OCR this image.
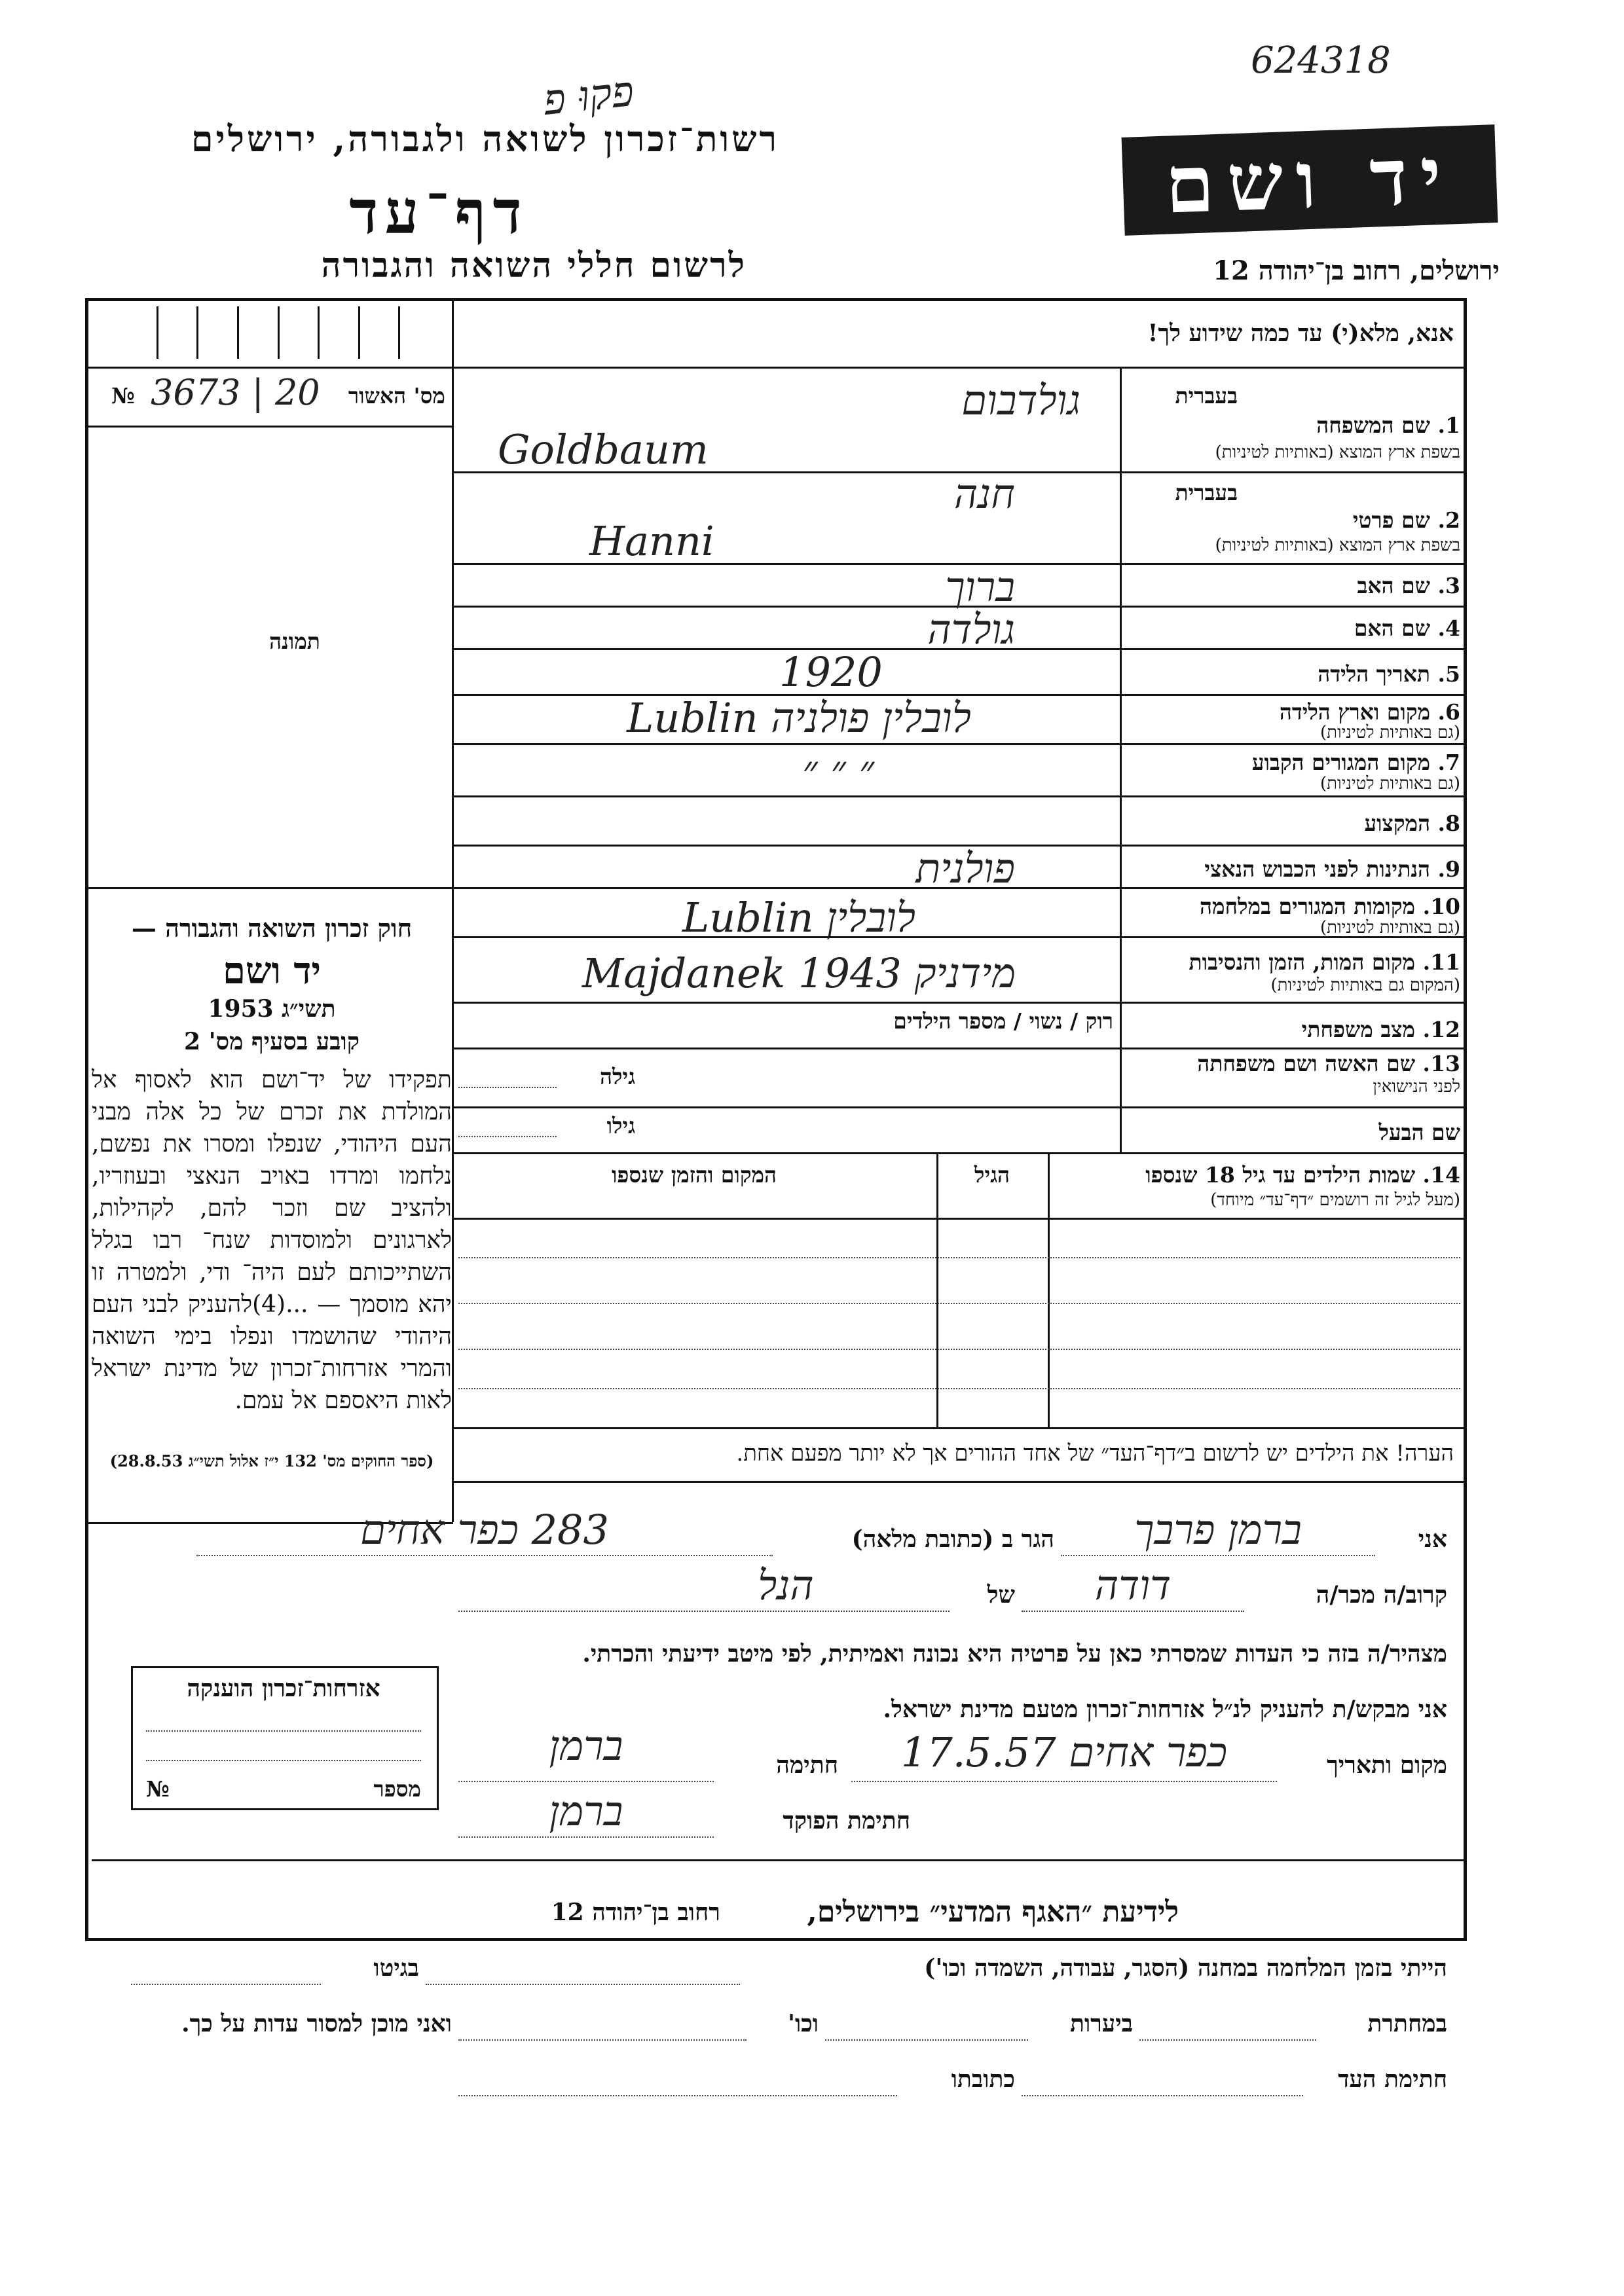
פקוּ פ
624318
רשות־זכרון לשואה ולגבורה, ירושלים
דף־עד
לרשום חללי השואה והגבורה
יד ושם
ירושלים, רחוב בן־יהודה 12
אנא, מלא(י) עד כמה שידוע לך!
מס' האשור
№ 3673 | 20
תמונה
בעברית
1. שם המשפחה
בשפת ארץ המוצא (באותיות לטיניות)
גולדבום
Goldbaum
בעברית
2. שם פרטי
בשפת ארץ המוצא (באותיות לטיניות)
חנה
Hanni
3. שם האב
ברוך
4. שם האם
גולדה
5. תאריך הלידה
1920
6. מקום וארץ הלידה
(גם באותיות לטיניות)
לובלין פולניה Lublin
7. מקום המגורים הקבוע
(גם באותיות לטיניות)
״ ״ ״
8. המקצוע
9. הנתינות לפני הכבוש הנאצי
פולנית
10. מקומות המגורים במלחמה
(גם באותיות לטיניות)
לובלין Lublin
11. מקום המות, הזמן והנסיבות
(המקום גם באותיות לטיניות)
מידניק 1943 Majdanek
12. מצב משפחתי
רוק / נשוי / מספר הילדים
13. שם האשה ושם משפחתה
לפני הנישואין
גילה
שם הבעל
גילו
14. שמות הילדים עד גיל 18 שנספו
(מעל לגיל זה רושמים ״דף־עד״ מיוחד)
הגיל
המקום והזמן שנספו
הערה! את הילדים יש לרשום ב״דף־העד״ של אחד ההורים אך לא יותר מפעם אחת.
חוק זכרון השואה והגבורה —
יד ושם
תשי״ג 1953
קובע בסעיף מס' 2
תפקידו של יד־ושם הוא לאסוף אל המולדת את זכרם של כל אלה מבני העם היהודי, שנפלו ומסרו את נפשם, נלחמו ומרדו באויב הנאצי ובעוזריו, ולהציב שם וזכר להם, לקהילות, לארגונים ולמוסדות שנח־ רבו בגלל השתייכותם לעם היה־ ודי, ולמטרה זו יהא מוסמך — ...(4)להעניק לבני העם היהודי שהושמדו ונפלו בימי השואה והמרי אזרחות־זכרון של מדינת ישראל לאות היאספם אל עמם.
(ספר החוקים מס' 132 י״ז אלול תשי״ג 28.8.53)
אני
ברמן פרבך
הגר ב (כתובת מלאה)
283 כפר אחים
קרוב/ה מכר/ה
דודה
של
הנל
מצהיר/ה בזה כי העדות שמסרתי כאן על פרטיה היא נכונה ואמיתית, לפי מיטב ידיעתי והכרתי.
אני מבקש/ת להעניק לנ״ל אזרחות־זכרון מטעם מדינת ישראל.
מקום ותאריך
כפר אחים 17.5.57
חתימה
ברמן
חתימת הפוקד
ברמן
אזרחות־זכרון הוענקה
מספר
№
לידיעת ״האגף המדעי״ בירושלים,
רחוב בן־יהודה 12
הייתי בזמן המלחמה במחנה (הסגר, עבודה, השמדה וכו')
בגיטו
במחתרת
ביערות
וכו'
ואני מוכן למסור עדות על כך.
חתימת העד
כתובתו
